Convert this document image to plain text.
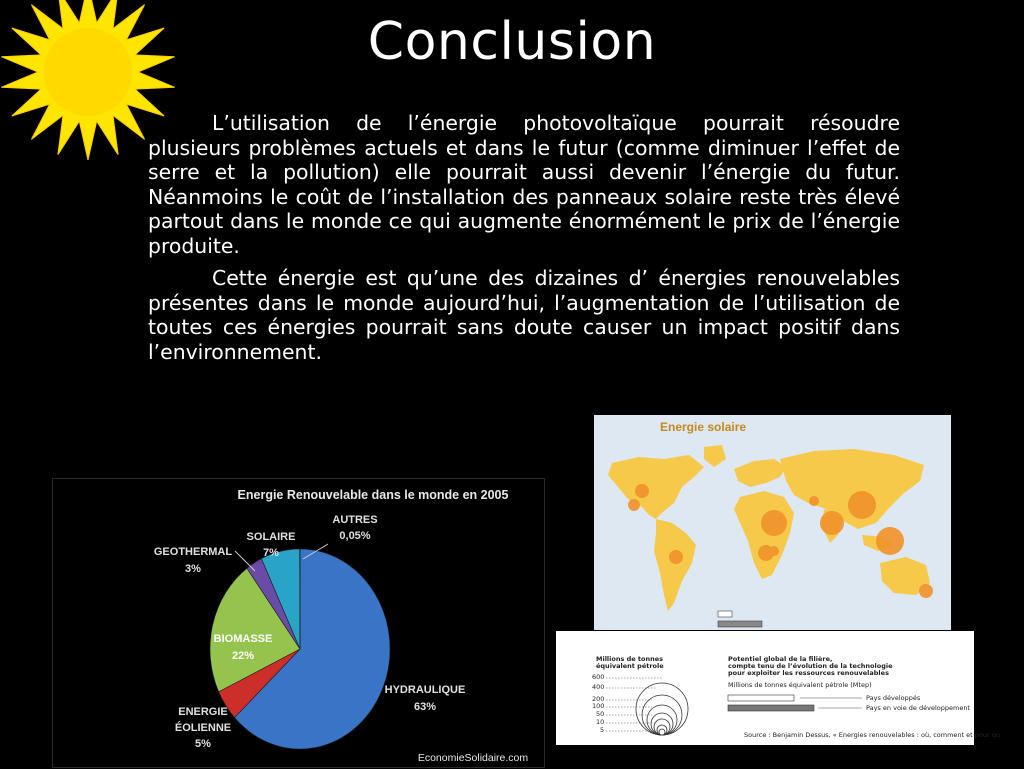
Conclusion

L’utilisation de l’énergie photovoltaïque pourrait résoudre plusieurs problèmes actuels et dans le futur (comme diminuer l’effet de serre et la pollution) elle pourrait aussi devenir l’énergie du futur. Néanmoins le coût de l’installation des panneaux solaire reste très élevé partout dans le monde ce qui augmente énormément le prix de l’énergie produite.

Cette énergie est qu’une des dizaines d’ énergies renouvelables présentes dans le monde aujourd’hui, l’augmentation de l’utilisation de toutes ces énergies pourrait sans doute causer un impact positif dans l’environnement.

Energie Renouvelable dans le monde en 2005
AUTRES
0,05%
SOLAIRE
7%
GEOTHERMAL
3%
BIOMASSE
22%
HYDRAULIQUE
63%
ENERGIE
ÉOLIENNE
5%
EconomieSolidaire.com
Energie solaire
Millions de tonnes
équivalent pétrole
600
400
200
100
50
10
5
Potentiel global de la filière,
compte tenu de l’évolution de la technologie
pour exploiter les ressources renouvelables
Millions de tonnes équivalent pétrole (Mtep)
Pays développés
Pays en voie de développement
Source : Benjamin Dessus, « Energies renouvelables : où, comment et pour qu
